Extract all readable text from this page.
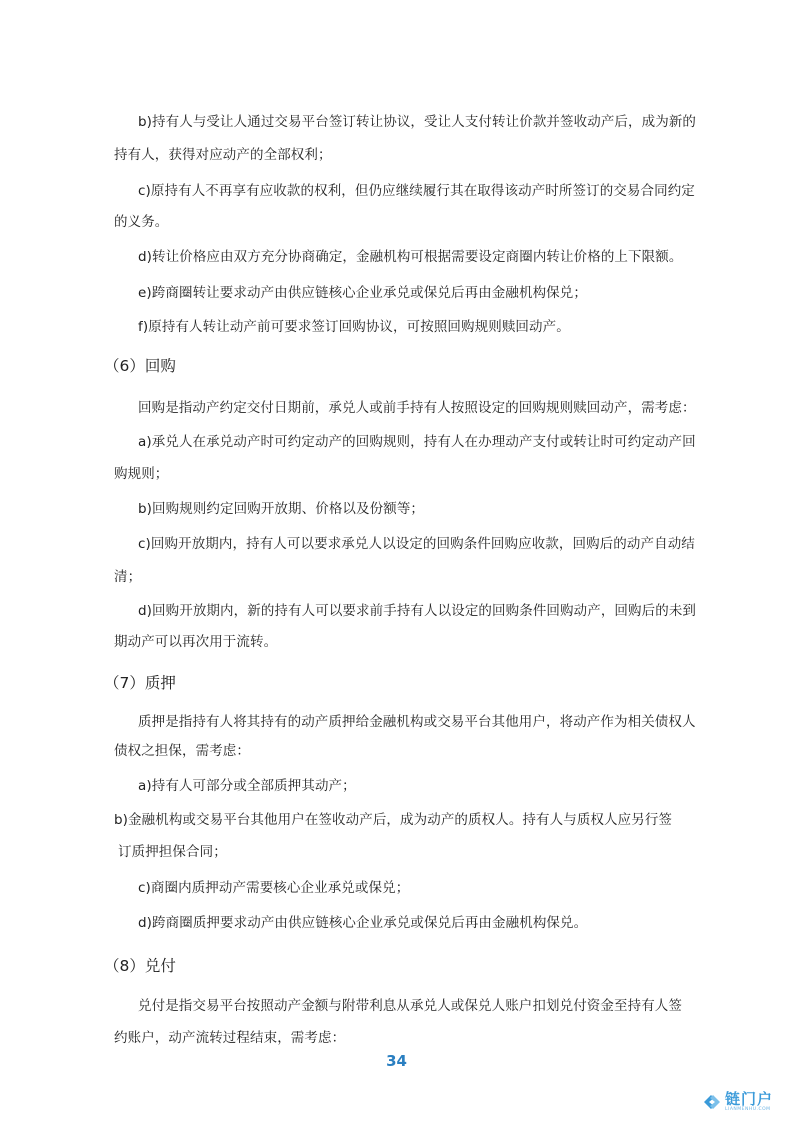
b)持有人与受让人通过交易平台签订转让协议，受让人支付转让价款并签收动产后，成为新的
持有人，获得对应动产的全部权利；
c)原持有人不再享有应收款的权利，但仍应继续履行其在取得该动产时所签订的交易合同约定
的义务。
d)转让价格应由双方充分协商确定，金融机构可根据需要设定商圈内转让价格的上下限额。
e)跨商圈转让要求动产由供应链核心企业承兑或保兑后再由金融机构保兑；
f)原持有人转让动产前可要求签订回购协议，可按照回购规则赎回动产。
（6）回购
回购是指动产约定交付日期前，承兑人或前手持有人按照设定的回购规则赎回动产，需考虑：
a)承兑人在承兑动产时可约定动产的回购规则，持有人在办理动产支付或转让时可约定动产回
购规则；
b)回购规则约定回购开放期、价格以及份额等；
c)回购开放期内，持有人可以要求承兑人以设定的回购条件回购应收款，回购后的动产自动结
清；
d)回购开放期内，新的持有人可以要求前手持有人以设定的回购条件回购动产，回购后的未到
期动产可以再次用于流转。
（7）质押
质押是指持有人将其持有的动产质押给金融机构或交易平台其他用户，将动产作为相关债权人
债权之担保，需考虑：
a)持有人可部分或全部质押其动产；
b)金融机构或交易平台其他用户在签收动产后，成为动产的质权人。持有人与质权人应另行签
订质押担保合同；
c)商圈内质押动产需要核心企业承兑或保兑；
d)跨商圈质押要求动产由供应链核心企业承兑或保兑后再由金融机构保兑。
（8）兑付
兑付是指交易平台按照动产金额与附带利息从承兑人或保兑人账户扣划兑付资金至持有人签
约账户，动产流转过程结束，需考虑：
34
链门户
LIANMENHU.COM
